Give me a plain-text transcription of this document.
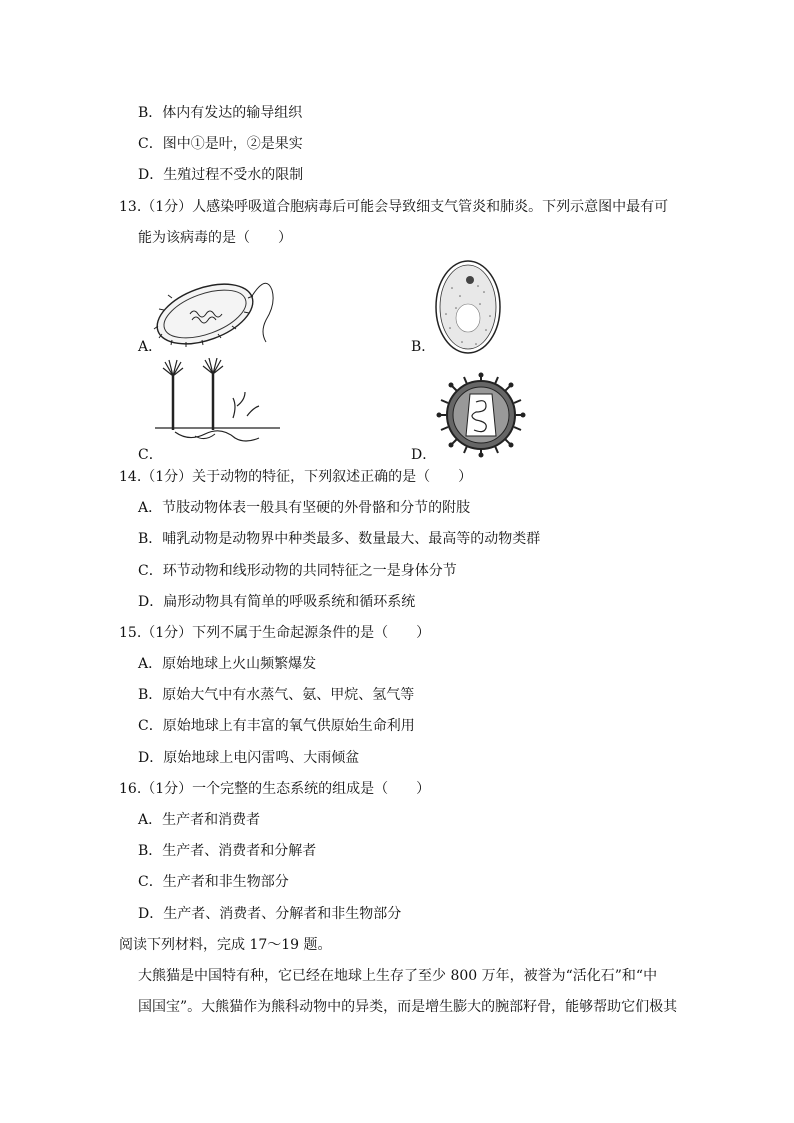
B．体内有发达的输导组织
C．图中①是叶，②是果实
D．生殖过程不受水的限制
13.（1分）人感染呼吸道合胞病毒后可能会导致细支气管炎和肺炎。下列示意图中最有可
能为该病毒的是（　　）
A．	B．
C．	D．
14.（1分）关于动物的特征，下列叙述正确的是（　　）
A．节肢动物体表一般具有坚硬的外骨骼和分节的附肢
B．哺乳动物是动物界中种类最多、数量最大、最高等的动物类群
C．环节动物和线形动物的共同特征之一是身体分节
D．扁形动物具有简单的呼吸系统和循环系统
15.（1分）下列不属于生命起源条件的是（　　）
A．原始地球上火山频繁爆发
B．原始大气中有水蒸气、氨、甲烷、氢气等
C．原始地球上有丰富的氧气供原始生命利用
D．原始地球上电闪雷鸣、大雨倾盆
16.（1分）一个完整的生态系统的组成是（　　）
A．生产者和消费者
B．生产者、消费者和分解者
C．生产者和非生物部分
D．生产者、消费者、分解者和非生物部分
阅读下列材料，完成 17～19 题。
大熊猫是中国特有种，它已经在地球上生存了至少 800 万年，被誉为“活化石”和“中
国国宝”。大熊猫作为熊科动物中的异类，而是增生膨大的腕部籽骨，能够帮助它们极其
